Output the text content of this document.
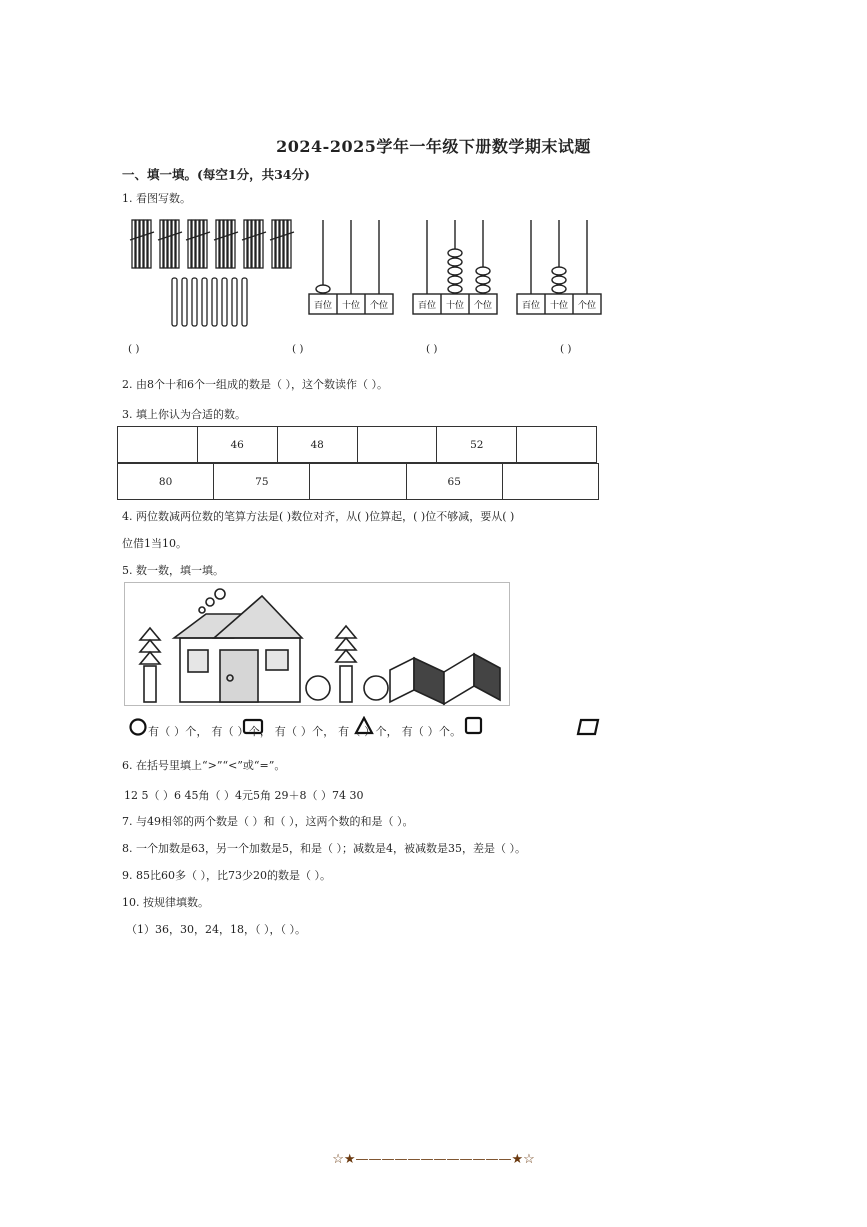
2024-2025学年一年级下册数学期末试题
一、填一填。(每空1分，共34分)
1. 看图写数。
百位 十位 个位	百位 十位 个位	百位 十位 个位
( )	( )	( )	( )
2. 由8个十和6个一组成的数是（ ），这个数读作（ ）。
3. 填上你认为合适的数。
	46	48		52	
80	75		65	
4. 两位数减两位数的笔算方法是( )数位对齐，从( )位算起，( )位不够减，要从( )
位借1当10。
5. 数一数，填一填。
有（ ）个， 有（ ）个， 有（ ）个， 有（ ）个， 有（ ）个。
6. 在括号里填上“>”“<”或“=”。
12 5（ ）6 45角（ ）4元5角 29＋8（ ）74 30
7. 与49相邻的两个数是（ ）和（ ），这两个数的和是（ ）。
8. 一个加数是63，另一个加数是5，和是（ ）；减数是4，被减数是35，差是（ ）。
9. 85比60多（ ），比73少20的数是（ ）。
10. 按规律填数。
（1）36，30，24，18，（ ），（ ）。
☆★————————————★☆
